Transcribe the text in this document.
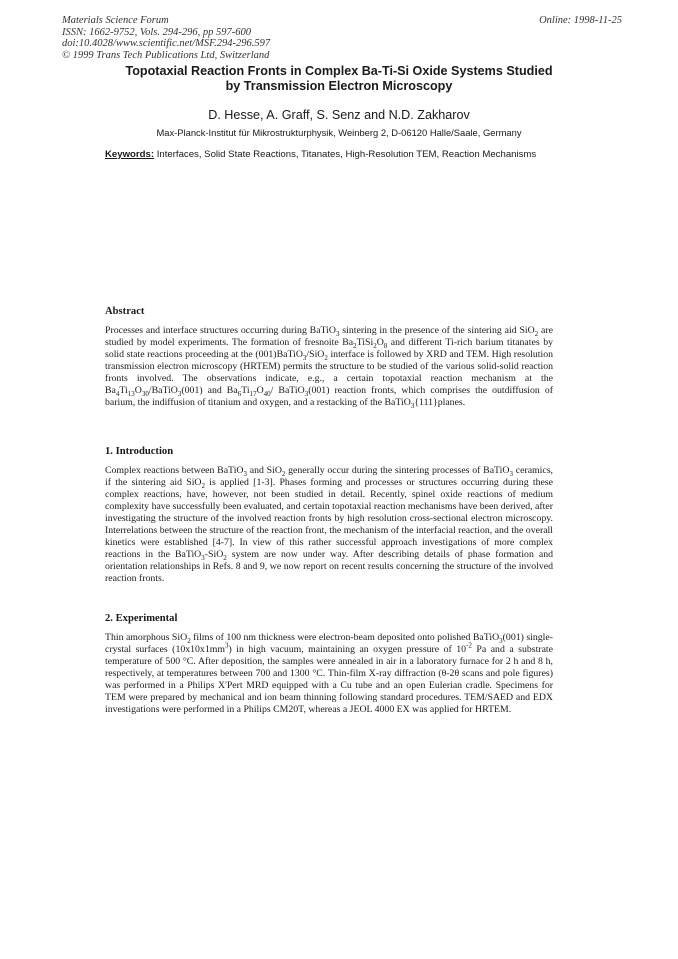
Materials Science Forum	Online: 1998-11-25
ISSN: 1662-9752, Vols. 294-296, pp 597-600
doi:10.4028/www.scientific.net/MSF.294-296.597
© 1999 Trans Tech Publications Ltd, Switzerland
Topotaxial Reaction Fronts in Complex Ba-Ti-Si Oxide Systems Studied
by Transmission Electron Microscopy
D. Hesse, A. Graff, S. Senz and N.D. Zakharov
Max-Planck-Institut für Mikrostrukturphysik, Weinberg 2, D-06120 Halle/Saale, Germany
Keywords: Interfaces, Solid State Reactions, Titanates, High-Resolution TEM, Reaction Mechanisms
Abstract

Processes and interface structures occurring during BaTiO$_3$ sintering in the presence of the sintering aid SiO$_2$ are studied by model experiments. The formation of fresnoite $Ba_2TiSi_2O_8$ and different Ti-rich barium titanates by solid state reactions proceeding at the (001)BaTiO$_3$/SiO$_2$ interface is followed by XRD and TEM. High resolution transmission electron microscopy (HRTEM) permits the structure to be studied of the various solid-solid reaction fronts involved. The observations indicate, e.g., a certain topotaxial reaction mechanism at the $Ba_4Ti_{13}O_{30}/BaTiO_3(001)$ and $Ba_6Ti_{17}O_{40}/$ BaTiO$_3$(001) reaction fronts, which comprises the outdiffusion of barium, the indiffusion of titanium and oxygen, and a restacking of the BaTiO$_3${111}planes.

1. Introduction

Complex reactions between BaTiO$_3$ and SiO$_2$ generally occur during the sintering processes of BaTiO$_3$ ceramics, if the sintering aid SiO$_2$ is applied [1-3]. Phases forming and processes or structures occurring during these complex reactions, have, however, not been studied in detail. Recently, spinel oxide reactions of medium complexity have successfully been evaluated, and certain topotaxial reaction mechanisms have been derived, after investigating the structure of the involved reaction fronts by high resolution cross-sectional electron microscopy. Interrelations between the structure of the reaction front, the mechanism of the interfacial reaction, and the overall kinetics were established [4-7]. In view of this rather successful approach investigations of more complex reactions in the BaTiO$_3$-SiO$_2$ system are now under way. After describing details of phase formation and orientation relationships in Refs. 8 and 9, we now report on recent results concerning the structure of the involved reaction fronts.

2. Experimental

Thin amorphous SiO$_2$ films of 100 nm thickness were electron-beam deposited onto polished BaTiO$_3$(001) single-crystal surfaces $(10x10x1mm^3)$ in high vacuum, maintaining an oxygen pressure of $10^{-2}$ Pa and a substrate temperature of 500 °C. After deposition, the samples were annealed in air in a laboratory furnace for 2 h and 8 h, respectively, at temperatures between 700 and 1300 °C. Thin-film X-ray diffraction (θ-2θ scans and pole figures) was performed in a Philips X'Pert MRD equipped with a Cu tube and an open Eulerian cradle. Specimens for TEM were prepared by mechanical and ion beam thinning following standard procedures. TEM/SAED and EDX investigations were performed in a Philips CM20T, whereas a JEOL 4000 EX was applied for HRTEM.
